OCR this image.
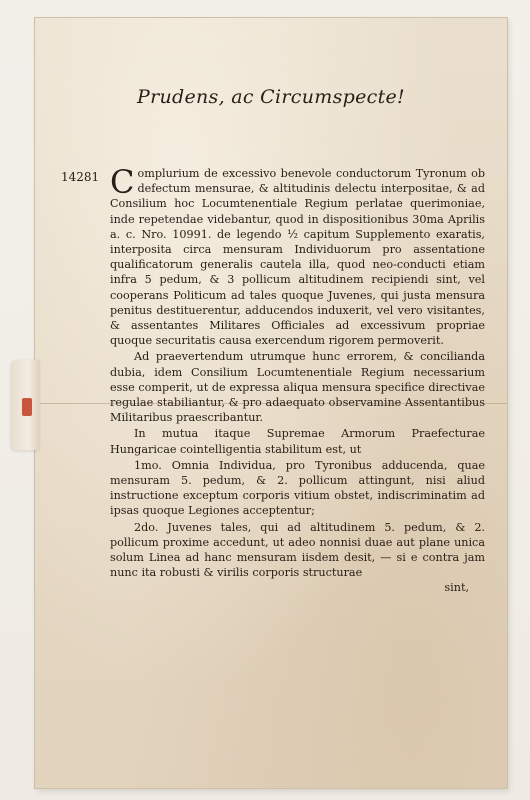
Prudens, ac Circumspecte!
14281 Complurium de excessivo benevole conductorum Tyronum ob defectum mensurae, & altitudinis delectu interpositae, & ad Consilium hoc Locumtenentiale Regium perlatae querimoniae, inde repetendae videbantur, quod in dispositionibus 30ma Aprilis a. c. Nro. 10991. de legendo ⅟₂ capitum Supplemento exaratis, interposita circa mensuram Individuorum pro assentatione qualificatorum generalis cautela illa, quod neo-conducti etiam infra 5 pedum, & 3 pollicum altitudinem recipiendi sint, vel cooperans Politicum ad tales quoque Juvenes, qui justa mensura penitus destituerentur, adducendos induxerit, vel vero visitantes, & assentantes Militares Officiales ad excessivum propriae quoque securitatis causa exercendum rigorem permoverit.

Ad praevertendum utrumque hunc errorem, & concilianda dubia, idem Consilium Locumtenentiale Regium necessarium esse comperit, ut de expressa aliqua mensura specifice directivae regulae stabiliantur, & pro adaequato observamine Assentantibus Militaribus praescribantur.

In mutua itaque Supremae Armorum Praefecturae Hungaricae cointelligentia stabilitum est, ut

1mo. Omnia Individua, pro Tyronibus adducenda, quae mensuram 5. pedum, & 2. pollicum attingunt, nisi aliud instructione exceptum corporis vitium obstet, indiscriminatim ad ipsas quoque Legiones acceptentur;

2do. Juvenes tales, qui ad altitudinem 5. pedum, & 2. pollicum proxime accedunt, ut adeo nonnisi duae aut plane unica solum Linea ad hanc mensuram iisdem desit, — si e contra jam nunc ita robusti & virilis corporis structurae

sint,
